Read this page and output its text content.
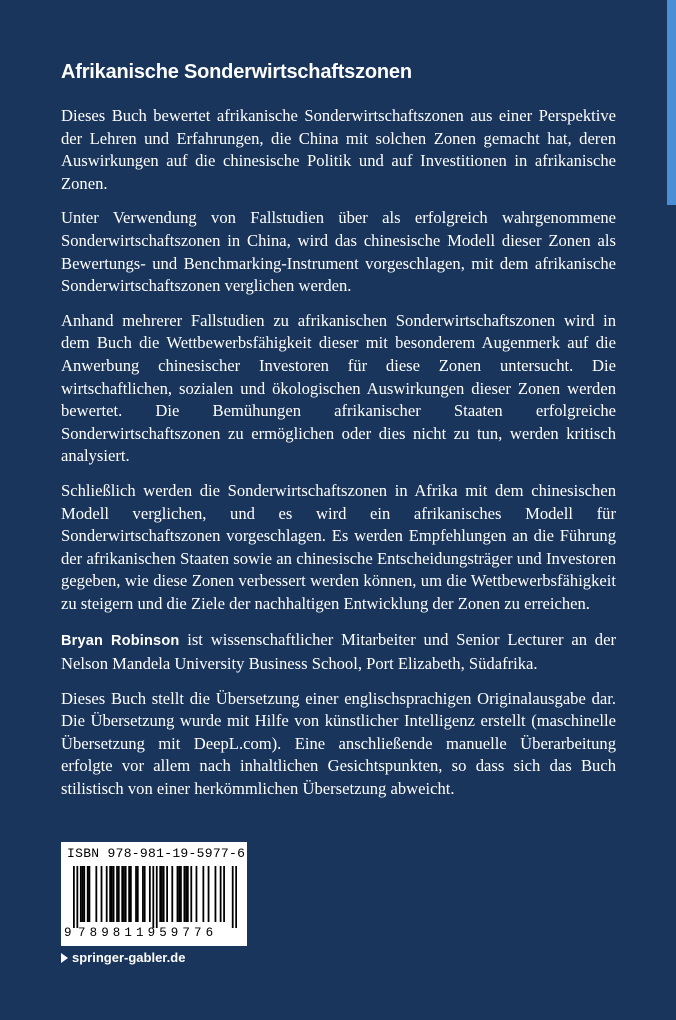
Afrikanische Sonderwirtschaftszonen

Dieses Buch bewertet afrikanische Sonderwirtschaftszonen aus einer Perspektive der Lehren und Erfahrungen, die China mit solchen Zonen gemacht hat, deren Auswirkungen auf die chinesische Politik und auf Investitionen in afrikanische Zonen.

Unter Verwendung von Fallstudien über als erfolgreich wahrgenommene Sonderwirtschaftszonen in China, wird das chinesische Modell dieser Zonen als Bewertungs- und Benchmarking-Instrument vorgeschlagen, mit dem afrikanische Sonderwirtschaftszonen verglichen werden.

Anhand mehrerer Fallstudien zu afrikanischen Sonderwirtschaftszonen wird in dem Buch die Wettbewerbsfähigkeit dieser mit besonderem Augenmerk auf die Anwerbung chinesischer Investoren für diese Zonen untersucht. Die wirtschaftlichen, sozialen und ökologischen Auswirkungen dieser Zonen werden bewertet. Die Bemühungen afrikanischer Staaten erfolgreiche Sonderwirtschaftszonen zu ermöglichen oder dies nicht zu tun, werden kritisch analysiert.

Schließlich werden die Sonderwirtschaftszonen in Afrika mit dem chinesischen Modell verglichen, und es wird ein afrikanisches Modell für Sonderwirtschaftszonen vorgeschlagen. Es werden Empfehlungen an die Führung der afrikanischen Staaten sowie an chinesische Entscheidungsträger und Investoren gegeben, wie diese Zonen verbessert werden können, um die Wettbewerbsfähigkeit zu steigern und die Ziele der nachhaltigen Entwicklung der Zonen zu erreichen.

Bryan Robinson ist wissenschaftlicher Mitarbeiter und Senior Lecturer an der Nelson Mandela University Business School, Port Elizabeth, Südafrika.

Dieses Buch stellt die Übersetzung einer englischsprachigen Originalausgabe dar. Die Übersetzung wurde mit Hilfe von künstlicher Intelligenz erstellt (maschinelle Übersetzung mit DeepL.com). Eine anschließende manuelle Überarbeitung erfolgte vor allem nach inhaltlichen Gesichtspunkten, so dass sich das Buch stilistisch von einer herkömmlichen Übersetzung abweicht.

ISBN 978-981-19-5977-6
9 789811959776
springer-gabler.de
